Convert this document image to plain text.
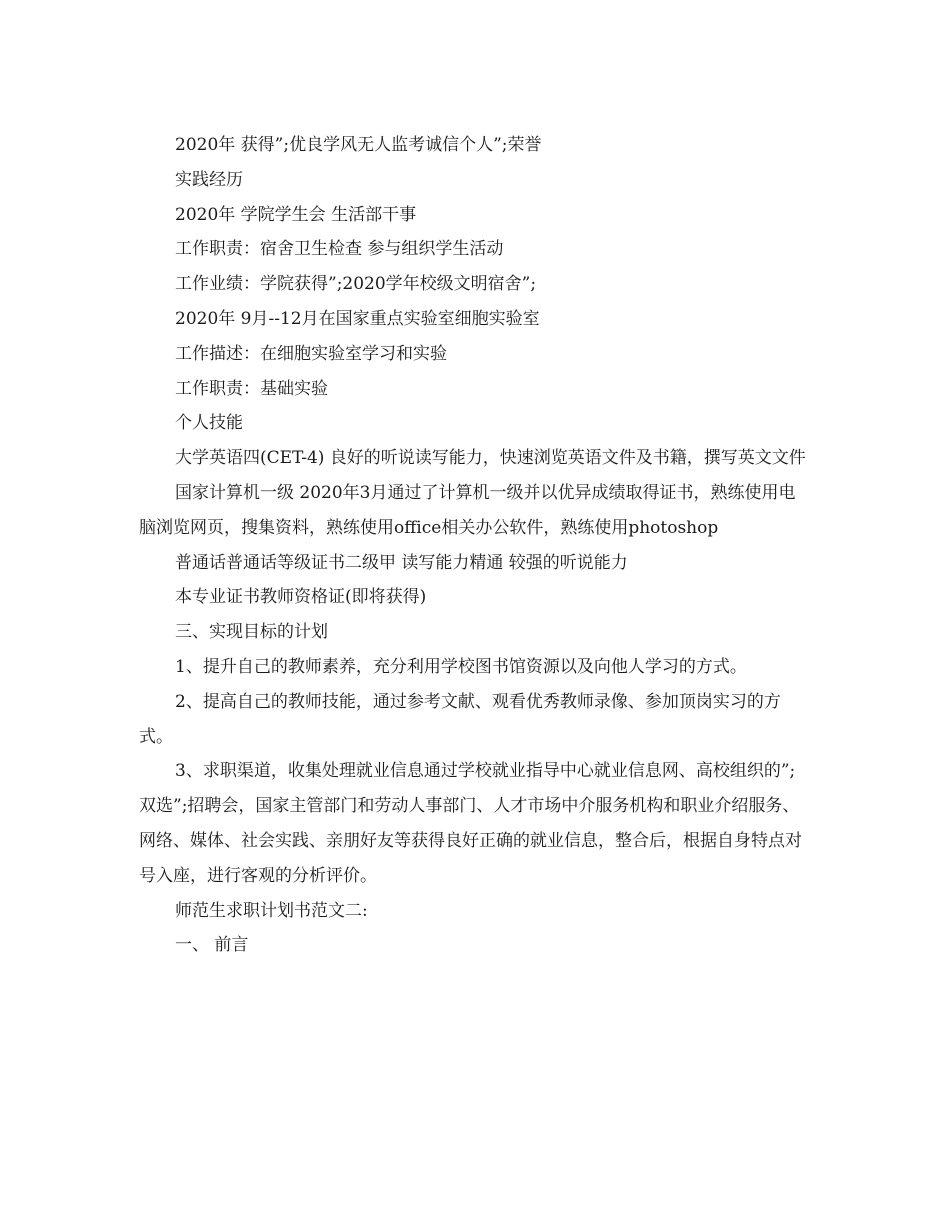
2020年 获得”;优良学风无人监考诚信个人”;荣誉

实践经历

2020年 学院学生会 生活部干事

工作职责：宿舍卫生检查 参与组织学生活动

工作业绩：学院获得”;2020学年校级文明宿舍”;

2020年 9月--12月在国家重点实验室细胞实验室

工作描述：在细胞实验室学习和实验

工作职责：基础实验

个人技能

大学英语四(CET-4) 良好的听说读写能力，快速浏览英语文件及书籍，撰写英文文件

国家计算机一级 2020年3月通过了计算机一级并以优异成绩取得证书，熟练使用电脑浏览网页，搜集资料，熟练使用office相关办公软件，熟练使用photoshop

普通话普通话等级证书二级甲 读写能力精通 较强的听说能力

本专业证书教师资格证(即将获得)

三、实现目标的计划

1、提升自己的教师素养，充分利用学校图书馆资源以及向他人学习的方式。

2、提高自己的教师技能，通过参考文献、观看优秀教师录像、参加顶岗实习的方式。

3、求职渠道，收集处理就业信息通过学校就业指导中心就业信息网、高校组织的”;双选”;招聘会，国家主管部门和劳动人事部门、人才市场中介服务机构和职业介绍服务、网络、媒体、社会实践、亲朋好友等获得良好正确的就业信息，整合后，根据自身特点对号入座，进行客观的分析评价。

师范生求职计划书范文二:

一、 前言
